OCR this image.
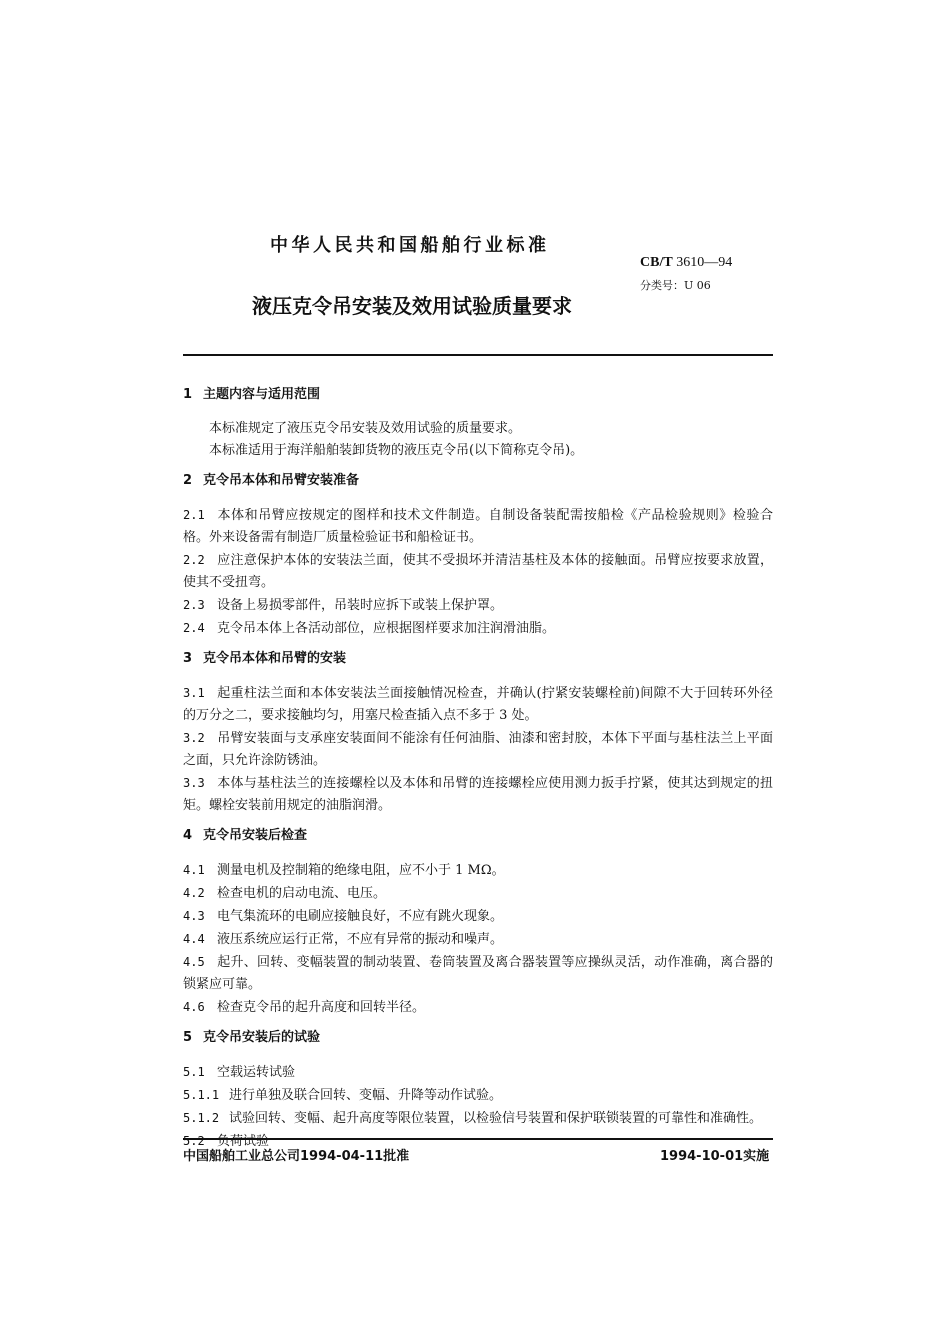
中华人民共和国船舶行业标准
CB/T 3610—94
分类号：U 06
液压克令吊安装及效用试验质量要求
1 主题内容与适用范围
本标准规定了液压克令吊安装及效用试验的质量要求。
本标准适用于海洋船舶装卸货物的液压克令吊(以下简称克令吊)。
2 克令吊本体和吊臂安装准备
2.1 本体和吊臂应按规定的图样和技术文件制造。自制设备装配需按船检《产品检验规则》检验合格。外来设备需有制造厂质量检验证书和船检证书。
2.2 应注意保护本体的安装法兰面，使其不受损坏并清洁基柱及本体的接触面。吊臂应按要求放置，使其不受扭弯。
2.3 设备上易损零部件，吊装时应拆下或装上保护罩。
2.4 克令吊本体上各活动部位，应根据图样要求加注润滑油脂。
3 克令吊本体和吊臂的安装
3.1 起重柱法兰面和本体安装法兰面接触情况检查，并确认(拧紧安装螺栓前)间隙不大于回转环外径的万分之二，要求接触均匀，用塞尺检查插入点不多于 3 处。
3.2 吊臂安装面与支承座安装面间不能涂有任何油脂、油漆和密封胶，本体下平面与基柱法兰上平面之面，只允许涂防锈油。
3.3 本体与基柱法兰的连接螺栓以及本体和吊臂的连接螺栓应使用测力扳手拧紧，使其达到规定的扭矩。螺栓安装前用规定的油脂润滑。
4 克令吊安装后检查
4.1 测量电机及控制箱的绝缘电阻，应不小于 1 MΩ。
4.2 检查电机的启动电流、电压。
4.3 电气集流环的电刷应接触良好，不应有跳火现象。
4.4 液压系统应运行正常，不应有异常的振动和噪声。
4.5 起升、回转、变幅装置的制动装置、卷筒装置及离合器装置等应操纵灵活，动作准确，离合器的锁紧应可靠。
4.6 检查克令吊的起升高度和回转半径。
5 克令吊安装后的试验
5.1 空载运转试验
5.1.1 进行单独及联合回转、变幅、升降等动作试验。
5.1.2 试验回转、变幅、起升高度等限位装置，以检验信号装置和保护联锁装置的可靠性和准确性。
5.2 负荷试验
中国船舶工业总公司1994-04-11批准	1994-10-01实施
